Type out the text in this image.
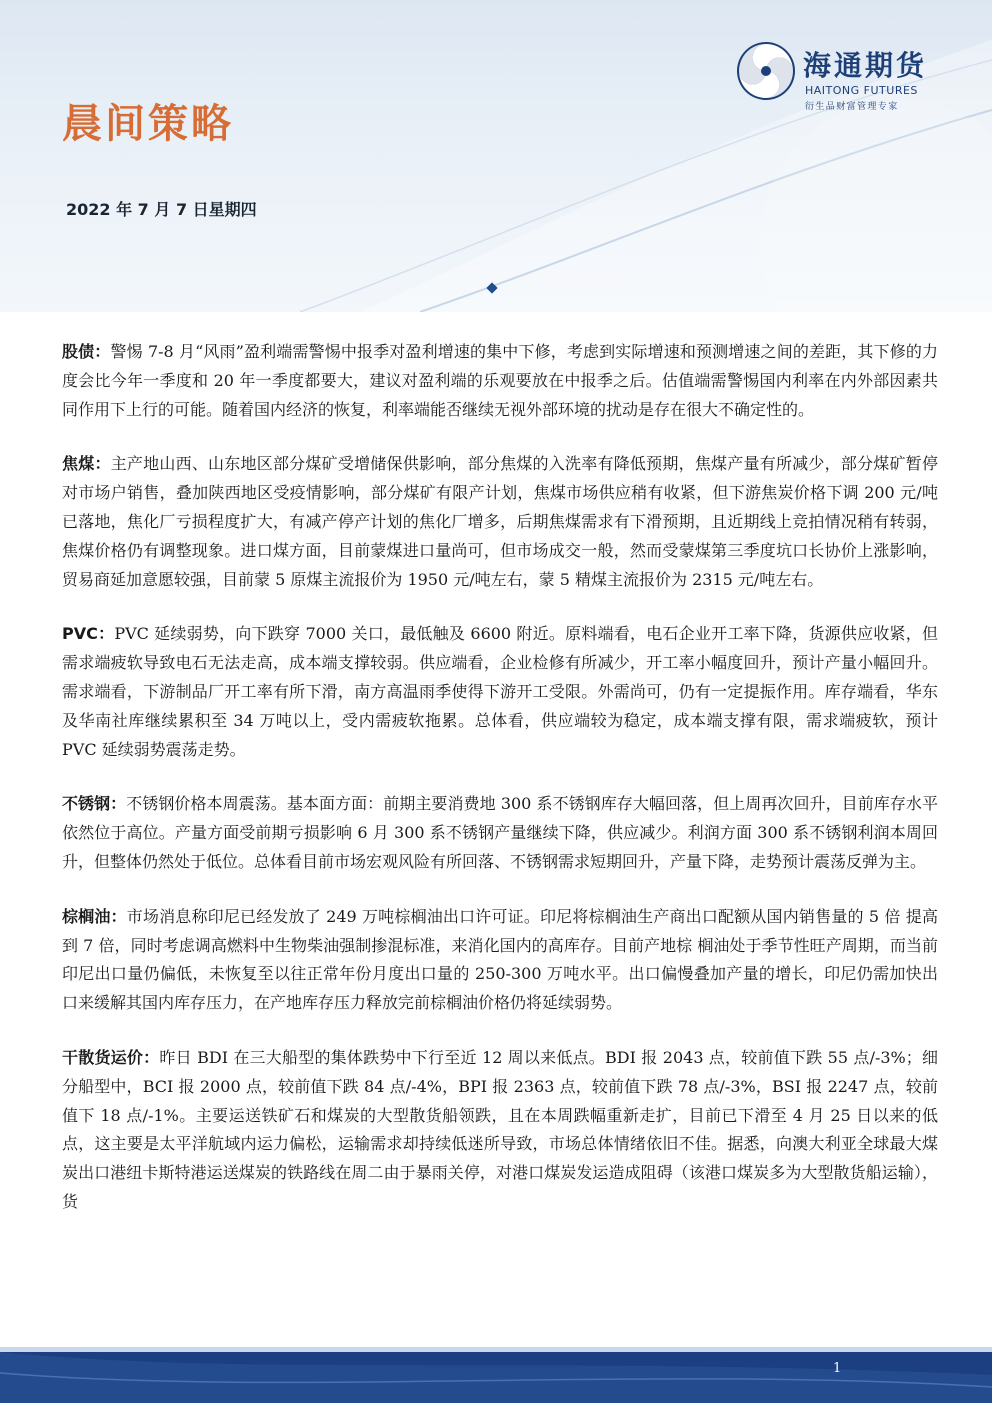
晨间策略
2022 年 7 月 7 日星期四
海通期货
HAITONG FUTURES
衍生品财富管理专家

股债：警惕 7-8 月“风雨”盈利端需警惕中报季对盈利增速的集中下修，考虑到实际增速和预测增速之间的差距，其下修的力度会比今年一季度和 20 年一季度都要大，建议对盈利端的乐观要放在中报季之后。估值端需警惕国内利率在内外部因素共同作用下上行的可能。随着国内经济的恢复，利率端能否继续无视外部环境的扰动是存在很大不确定性的。

焦煤：主产地山西、山东地区部分煤矿受增储保供影响，部分焦煤的入洗率有降低预期，焦煤产量有所减少，部分煤矿暂停对市场户销售，叠加陕西地区受疫情影响，部分煤矿有限产计划，焦煤市场供应稍有收紧，但下游焦炭价格下调 200 元/吨已落地，焦化厂亏损程度扩大，有减产停产计划的焦化厂增多，后期焦煤需求有下滑预期，且近期线上竞拍情况稍有转弱，焦煤价格仍有调整现象。进口煤方面，目前蒙煤进口量尚可，但市场成交一般，然而受蒙煤第三季度坑口长协价上涨影响，贸易商延加意愿较强，目前蒙 5 原煤主流报价为 1950 元/吨左右，蒙 5 精煤主流报价为 2315 元/吨左右。

PVC：PVC 延续弱势，向下跌穿 7000 关口，最低触及 6600 附近。原料端看，电石企业开工率下降，货源供应收紧，但需求端疲软导致电石无法走高，成本端支撑较弱。供应端看，企业检修有所减少，开工率小幅度回升，预计产量小幅回升。需求端看，下游制品厂开工率有所下滑，南方高温雨季使得下游开工受限。外需尚可，仍有一定提振作用。库存端看，华东及华南社库继续累积至 34 万吨以上，受内需疲软拖累。总体看，供应端较为稳定，成本端支撑有限，需求端疲软，预计 PVC 延续弱势震荡走势。

不锈钢：不锈钢价格本周震荡。基本面方面：前期主要消费地 300 系不锈钢库存大幅回落，但上周再次回升，目前库存水平依然位于高位。产量方面受前期亏损影响 6 月 300 系不锈钢产量继续下降，供应减少。利润方面 300 系不锈钢利润本周回升，但整体仍然处于低位。总体看目前市场宏观风险有所回落、不锈钢需求短期回升，产量下降，走势预计震荡反弹为主。

棕榈油：市场消息称印尼已经发放了 249 万吨棕榈油出口许可证。印尼将棕榈油生产商出口配额从国内销售量的 5 倍 提高到 7 倍，同时考虑调高燃料中生物柴油强制掺混标准，来消化国内的高库存。目前产地棕 榈油处于季节性旺产周期，而当前印尼出口量仍偏低，未恢复至以往正常年份月度出口量的 250-300 万吨水平。出口偏慢叠加产量的增长，印尼仍需加快出口来缓解其国内库存压力，在产地库存压力释放完前棕榈油价格仍将延续弱势。

干散货运价：昨日 BDI 在三大船型的集体跌势中下行至近 12 周以来低点。BDI 报 2043 点，较前值下跌 55 点/-3%；细分船型中，BCI 报 2000 点，较前值下跌 84 点/-4%，BPI 报 2363 点，较前值下跌 78 点/-3%，BSI 报 2247 点，较前值下 18 点/-1%。主要运送铁矿石和煤炭的大型散货船领跌，且在本周跌幅重新走扩，目前已下滑至 4 月 25 日以来的低点，这主要是太平洋航域内运力偏松，运输需求却持续低迷所导致，市场总体情绪依旧不佳。据悉，向澳大利亚全球最大煤炭出口港纽卡斯特港运送煤炭的铁路线在周二由于暴雨关停，对港口煤炭发运造成阻碍（该港口煤炭多为大型散货船运输），货

1
